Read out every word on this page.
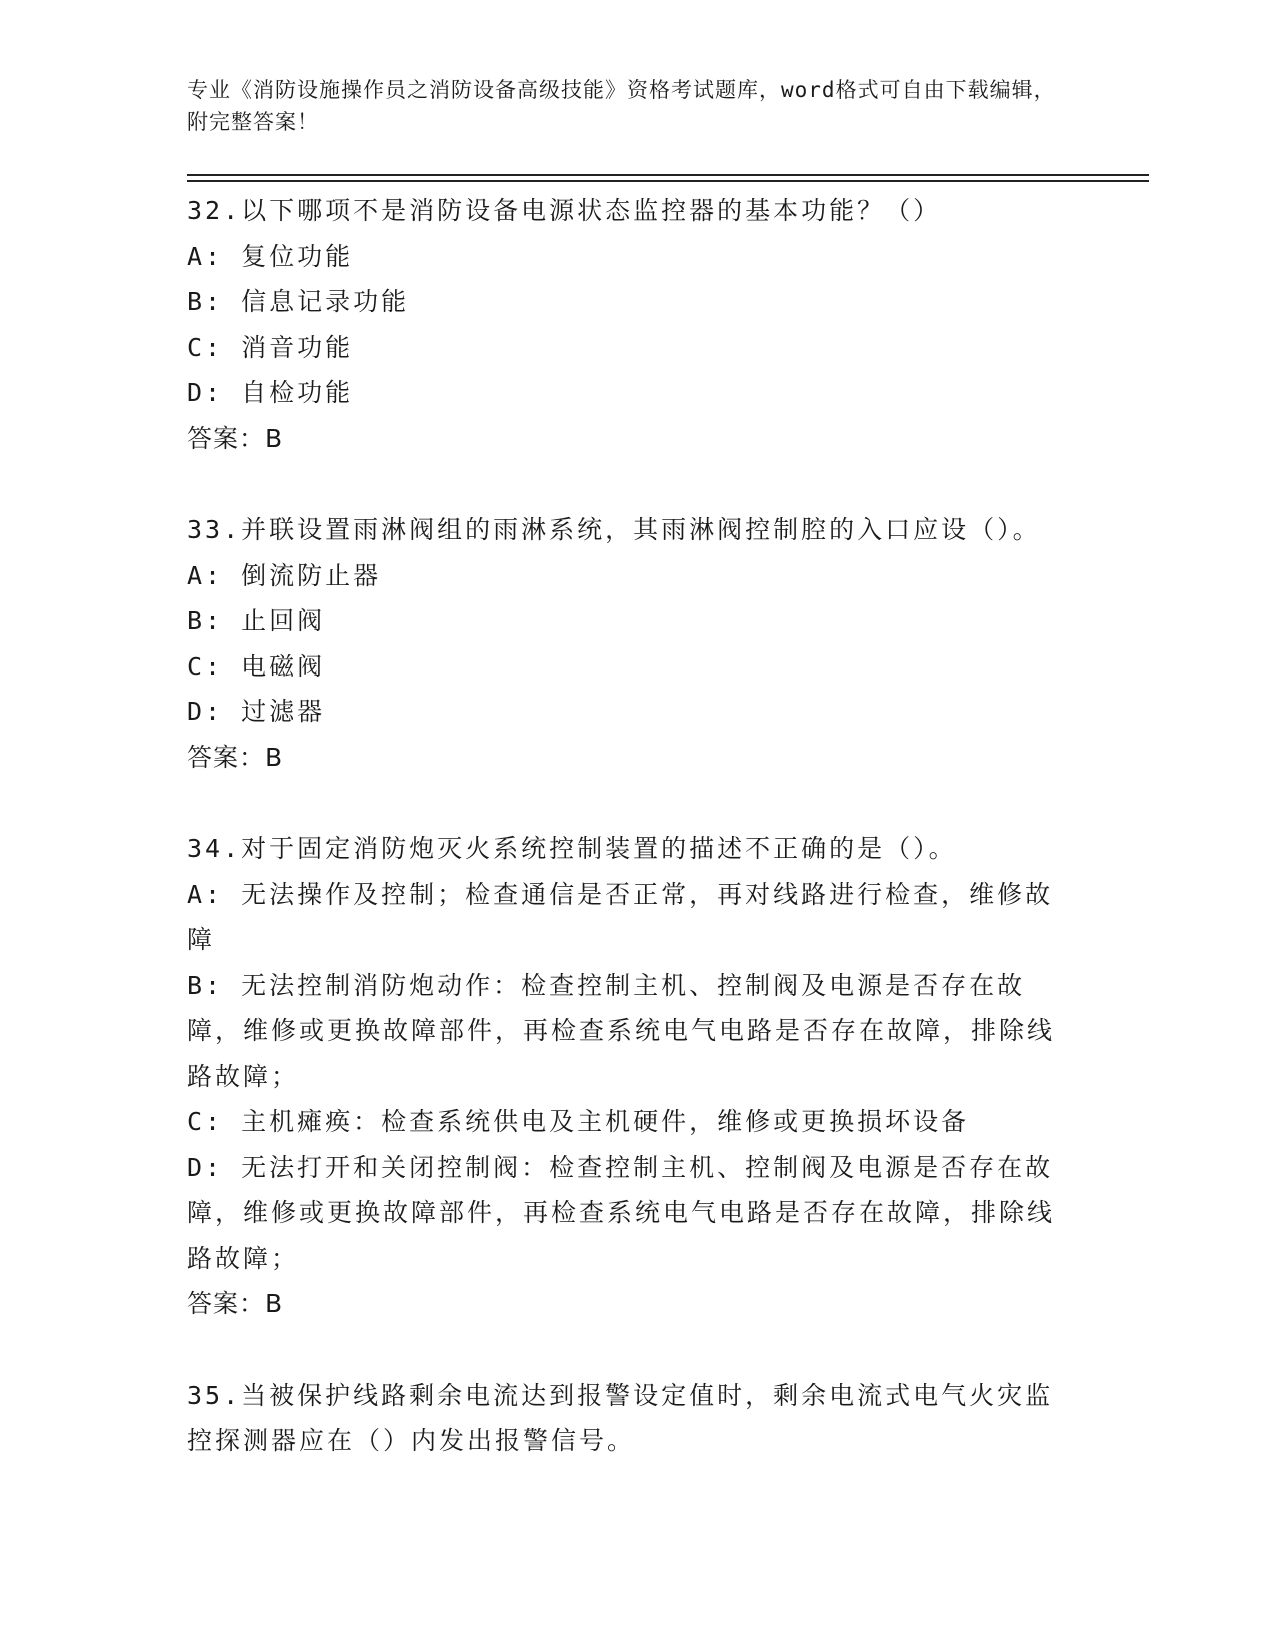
专业《消防设施操作员之消防设备高级技能》资格考试题库，word格式可自由下载编辑，附完整答案！

32.以下哪项不是消防设备电源状态监控器的基本功能？（）

A: 复位功能

B: 信息记录功能

C: 消音功能

D: 自检功能

答案：B

33.并联设置雨淋阀组的雨淋系统，其雨淋阀控制腔的入口应设（）。

A: 倒流防止器

B: 止回阀

C: 电磁阀

D: 过滤器

答案：B

34.对于固定消防炮灭火系统控制装置的描述不正确的是（）。

A: 无法操作及控制；检查通信是否正常，再对线路进行检查，维修故障

B: 无法控制消防炮动作：检查控制主机、控制阀及电源是否存在故障，维修或更换故障部件，再检查系统电气电路是否存在故障，排除线路故障；

C: 主机瘫痪：检查系统供电及主机硬件，维修或更换损坏设备

D: 无法打开和关闭控制阀：检查控制主机、控制阀及电源是否存在故障，维修或更换故障部件，再检查系统电气电路是否存在故障，排除线路故障；

答案：B

35.当被保护线路剩余电流达到报警设定值时，剩余电流式电气火灾监控探测器应在（）内发出报警信号。
